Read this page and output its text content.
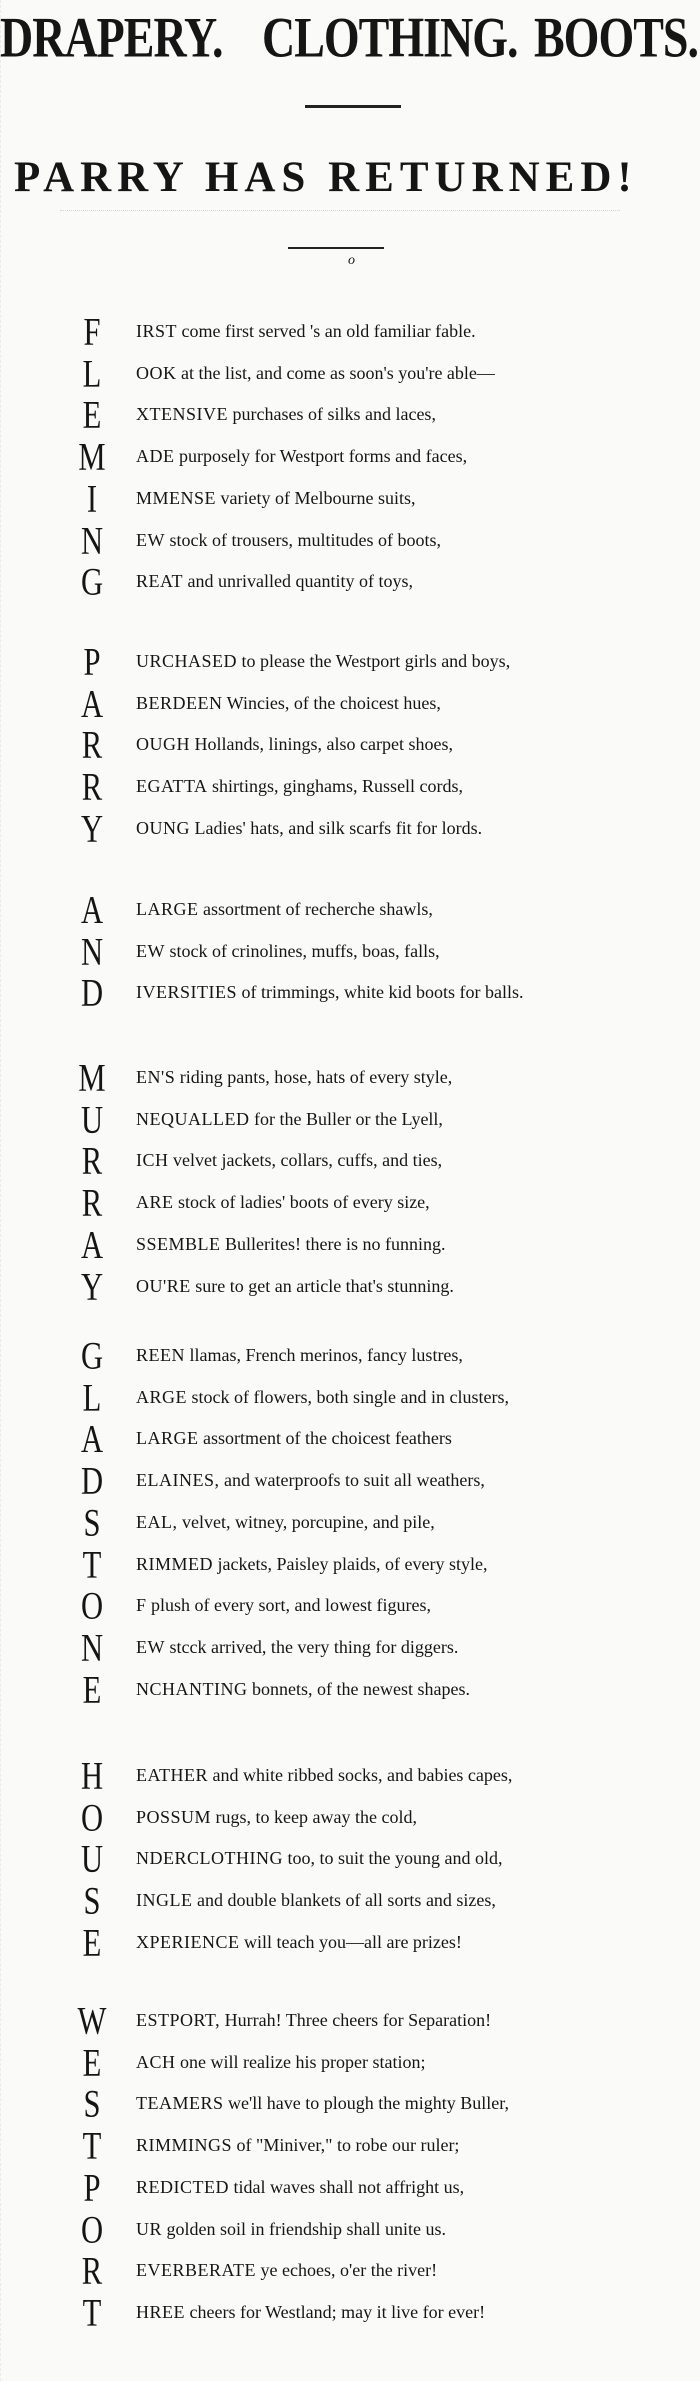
DRAPERY. CLOTHING. BOOTS.
PARRY HAS RETURNED!
o
F	IRST come first served 's an old familiar fable.
L	OOK at the list, and come as soon's you're able—
E	XTENSIVE purchases of silks and laces,
M	ADE purposely for Westport forms and faces,
I	MMENSE variety of Melbourne suits,
N	EW stock of trousers, multitudes of boots,
G	REAT and unrivalled quantity of toys,
P	URCHASED to please the Westport girls and boys,
A	BERDEEN Wincies, of the choicest hues,
R	OUGH Hollands, linings, also carpet shoes,
R	EGATTA shirtings, ginghams, Russell cords,
Y	OUNG Ladies' hats, and silk scarfs fit for lords.
A	LARGE assortment of recherche shawls,
N	EW stock of crinolines, muffs, boas, falls,
D	IVERSITIES of trimmings, white kid boots for balls.
M	EN'S riding pants, hose, hats of every style,
U	NEQUALLED for the Buller or the Lyell,
R	ICH velvet jackets, collars, cuffs, and ties,
R	ARE stock of ladies' boots of every size,
A	SSEMBLE Bullerites! there is no funning.
Y	OU'RE sure to get an article that's stunning.
G	REEN llamas, French merinos, fancy lustres,
L	ARGE stock of flowers, both single and in clusters,
A	LARGE assortment of the choicest feathers
D	ELAINES, and waterproofs to suit all weathers,
S	EAL, velvet, witney, porcupine, and pile,
T	RIMMED jackets, Paisley plaids, of every style,
O	F plush of every sort, and lowest figures,
N	EW stcck arrived, the very thing for diggers.
E	NCHANTING bonnets, of the newest shapes.
H	EATHER and white ribbed socks, and babies capes,
O	POSSUM rugs, to keep away the cold,
U	NDERCLOTHING too, to suit the young and old,
S	INGLE and double blankets of all sorts and sizes,
E	XPERIENCE will teach you—all are prizes!
W	ESTPORT, Hurrah! Three cheers for Separation!
E	ACH one will realize his proper station;
S	TEAMERS we'll have to plough the mighty Buller,
T	RIMMINGS of "Miniver," to robe our ruler;
P	REDICTED tidal waves shall not affright us,
O	UR golden soil in friendship shall unite us.
R	EVERBERATE ye echoes, o'er the river!
T	HREE cheers for Westland; may it live for ever!
